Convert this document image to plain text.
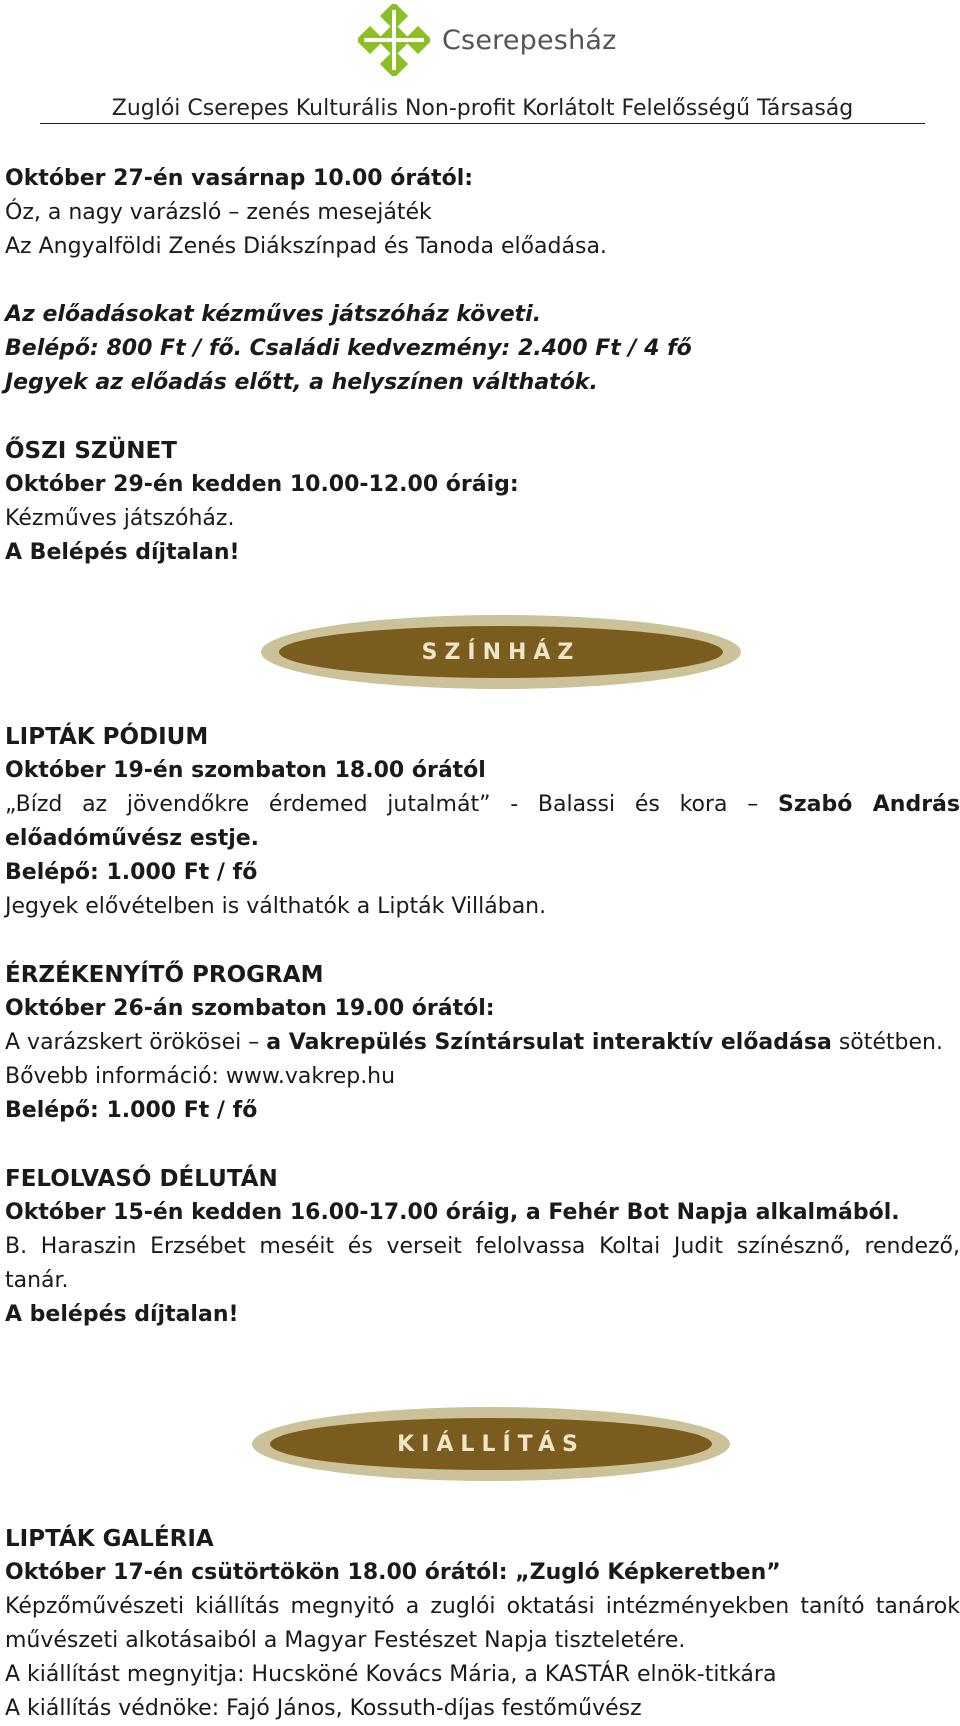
Cserepesház
Zuglói Cserepes Kulturális Non-profit Korlátolt Felelősségű Társaság
Október 27-én vasárnap 10.00 órától:
Óz, a nagy varázsló – zenés mesejáték
Az Angyalföldi Zenés Diákszínpad és Tanoda előadása.
Az előadásokat kézműves játszóház követi.
Belépő: 800 Ft / fő. Családi kedvezmény: 2.400 Ft / 4 fő
Jegyek az előadás előtt, a helyszínen válthatók.
ŐSZI SZÜNET
Október 29-én kedden 10.00-12.00 óráig:
Kézműves játszóház.
A Belépés díjtalan!
SZÍNHÁZ
LIPTÁK PÓDIUM
Október 19-én szombaton 18.00 órától
„Bízd az jövendőkre érdemed jutalmát” - Balassi és kora – Szabó András
előadóművész estje.
Belépő: 1.000 Ft / fő
Jegyek elővételben is válthatók a Lipták Villában.
ÉRZÉKENYÍTŐ PROGRAM
Október 26-án szombaton 19.00 órától:
A varázskert örökösei – a Vakrepülés Színtársulat interaktív előadása sötétben.
Bővebb információ: www.vakrep.hu
Belépő: 1.000 Ft / fő
FELOLVASÓ DÉLUTÁN
Október 15-én kedden 16.00-17.00 óráig, a Fehér Bot Napja alkalmából.
B. Haraszin Erzsébet meséit és verseit felolvassa Koltai Judit színésznő, rendező, tanár.
A belépés díjtalan!
KIÁLLÍTÁS
LIPTÁK GALÉRIA
Október 17-én csütörtökön 18.00 órától: „Zugló Képkeretben”
Képzőművészeti kiállítás megnyitó a zuglói oktatási intézményekben tanító tanárok művészeti alkotásaiból a Magyar Festészet Napja tiszteletére.
A kiállítást megnyitja: Hucsköné Kovács Mária, a KASTÁR elnök-titkára
A kiállítás védnöke: Fajó János, Kossuth-díjas festőművész
